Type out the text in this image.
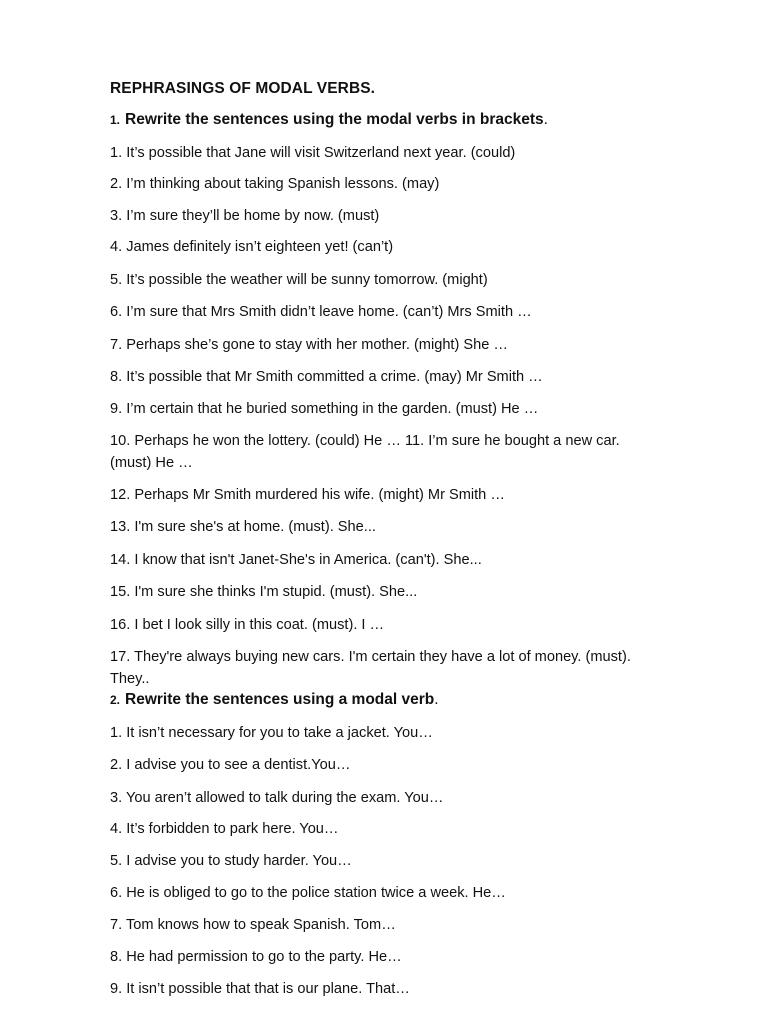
REPHRASINGS OF MODAL VERBS.
1. Rewrite the sentences using the modal verbs in brackets.
1. It’s possible that Jane will visit Switzerland next year. (could)
2. I’m thinking about taking Spanish lessons. (may)
3. I’m sure they’ll be home by now. (must)
4. James definitely isn’t eighteen yet! (can’t)
5. It’s possible the weather will be sunny tomorrow. (might)
6. I’m sure that Mrs Smith didn’t leave home. (can’t) Mrs Smith …
7. Perhaps she’s gone to stay with her mother. (might) She …
8. It’s possible that Mr Smith committed a crime. (may) Mr Smith …
9. I’m certain that he buried something in the garden. (must) He …
10. Perhaps he won the lottery. (could) He … 11. I’m sure he bought a new car. (must) He …
12. Perhaps Mr Smith murdered his wife. (might) Mr Smith …
13. I'm sure she's at home. (must). She...
14. I know that isn't Janet-She's in America. (can't). She...
15. I'm sure she thinks I'm stupid. (must). She...
16. I bet I look silly in this coat. (must). I …
17. They're always buying new cars. I'm certain they have a lot of money. (must). They..
2. Rewrite the sentences using a modal verb.
1. It isn’t necessary for you to take a jacket. You…
2. I advise you to see a dentist.You…
3. You aren’t allowed to talk during the exam. You…
4. It’s forbidden to park here. You…
5. I advise you to study harder. You…
6. He is obliged to go to the police station twice a week. He…
7. Tom knows how to speak Spanish. Tom…
8. He had permission to go to the party. He…
9. It isn’t possible that that is our plane. That…
